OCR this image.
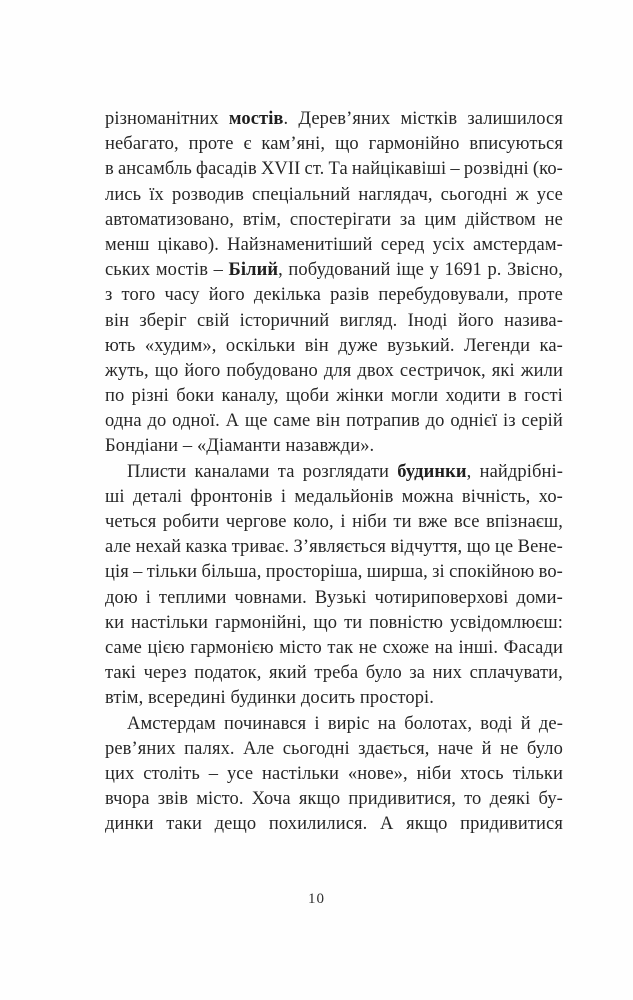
різноманітних мостів. Дерев’яних містків залишилося
небагато, проте є кам’яні, що гармонійно вписуються
в ансамбль фасадів XVII ст. Та найцікавіші – розвідні (ко-
лись їх розводив спеціальний наглядач, сьогодні ж усе
автоматизовано, втім, спостерігати за цим дійством не
менш цікаво). Найзнаменитіший серед усіх амстердам-
ських мостів – Білий, побудований іще у 1691 р. Звісно,
з того часу його декілька разів перебудовували, проте
він зберіг свій історичний вигляд. Іноді його назива-
ють «худим», оскільки він дуже вузький. Легенди ка-
жуть, що його побудовано для двох сестричок, які жили
по різні боки каналу, щоби жінки могли ходити в гості
одна до одної. А ще саме він потрапив до однієї із серій
Бондіани – «Діаманти назавжди».
Плисти каналами та розглядати будинки, найдрібні-
ші деталі фронтонів і медальйонів можна вічність, хо-
четься робити чергове коло, і ніби ти вже все впізнаєш,
але нехай казка триває. З’являється відчуття, що це Вене-
ція – тільки більша, просторіша, ширша, зі спокійною во-
дою і теплими човнами. Вузькі чотириповерхові доми-
ки настільки гармонійні, що ти повністю усвідомлюєш:
саме цією гармонією місто так не схоже на інші. Фасади
такі через податок, який треба було за них сплачувати,
втім, всередині будинки досить просторі.
Амстердам починався і виріс на болотах, воді й де-
рев’яних палях. Але сьогодні здається, наче й не було
цих століть – усе настільки «нове», ніби хтось тільки
вчора звів місто. Хоча якщо придивитися, то деякі бу-
динки таки дещо похилилися. А якщо придивитися
10
